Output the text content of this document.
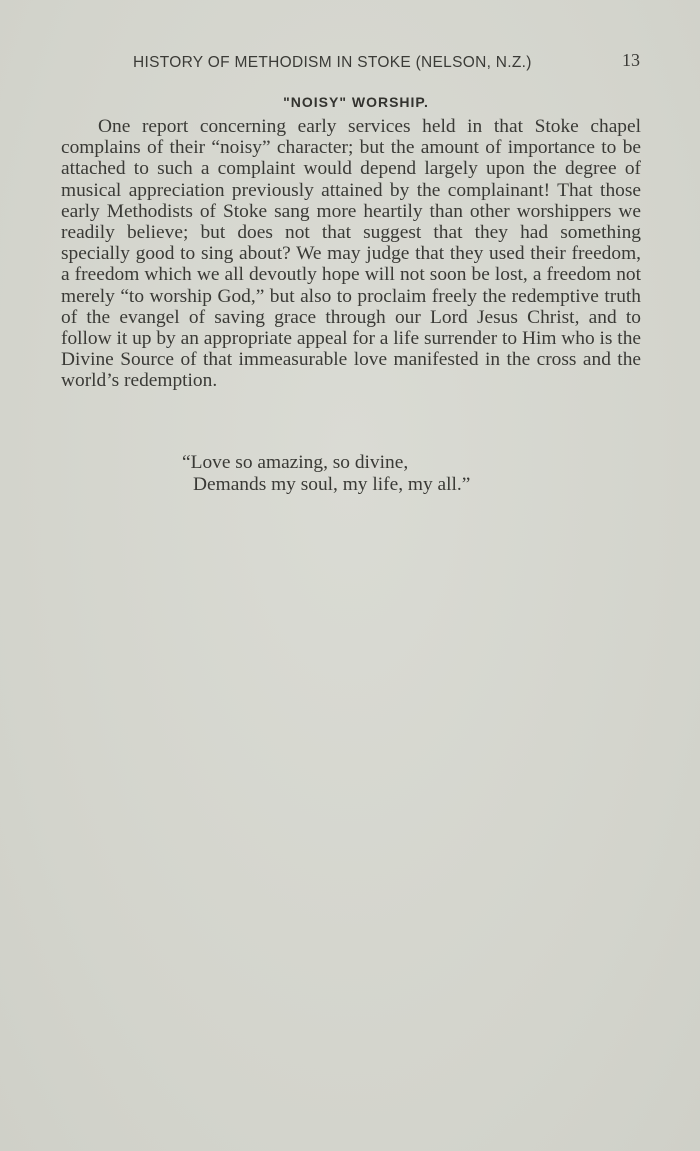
HISTORY OF METHODISM IN STOKE (NELSON, N.Z.)	13
"NOISY" WORSHIP.

One report concerning early services held in that Stoke chapel complains of their “noisy” character; but the amount of importance to be attached to such a complaint would depend largely upon the degree of musical appreciation previously attained by the complainant! That those early Methodists of Stoke sang more heartily than other worshippers we readily believe; but does not that suggest that they had something specially good to sing about? We may judge that they used their freedom, a freedom which we all devoutly hope will not soon be lost, a freedom not merely “to worship God,” but also to proclaim freely the redemptive truth of the evangel of saving grace through our Lord Jesus Christ, and to follow it up by an appropriate appeal for a life surrender to Him who is the Divine Source of that immeasurable love manifested in the cross and the world’s redemption.

“Love so amazing, so divine,
Demands my soul, my life, my all.”
